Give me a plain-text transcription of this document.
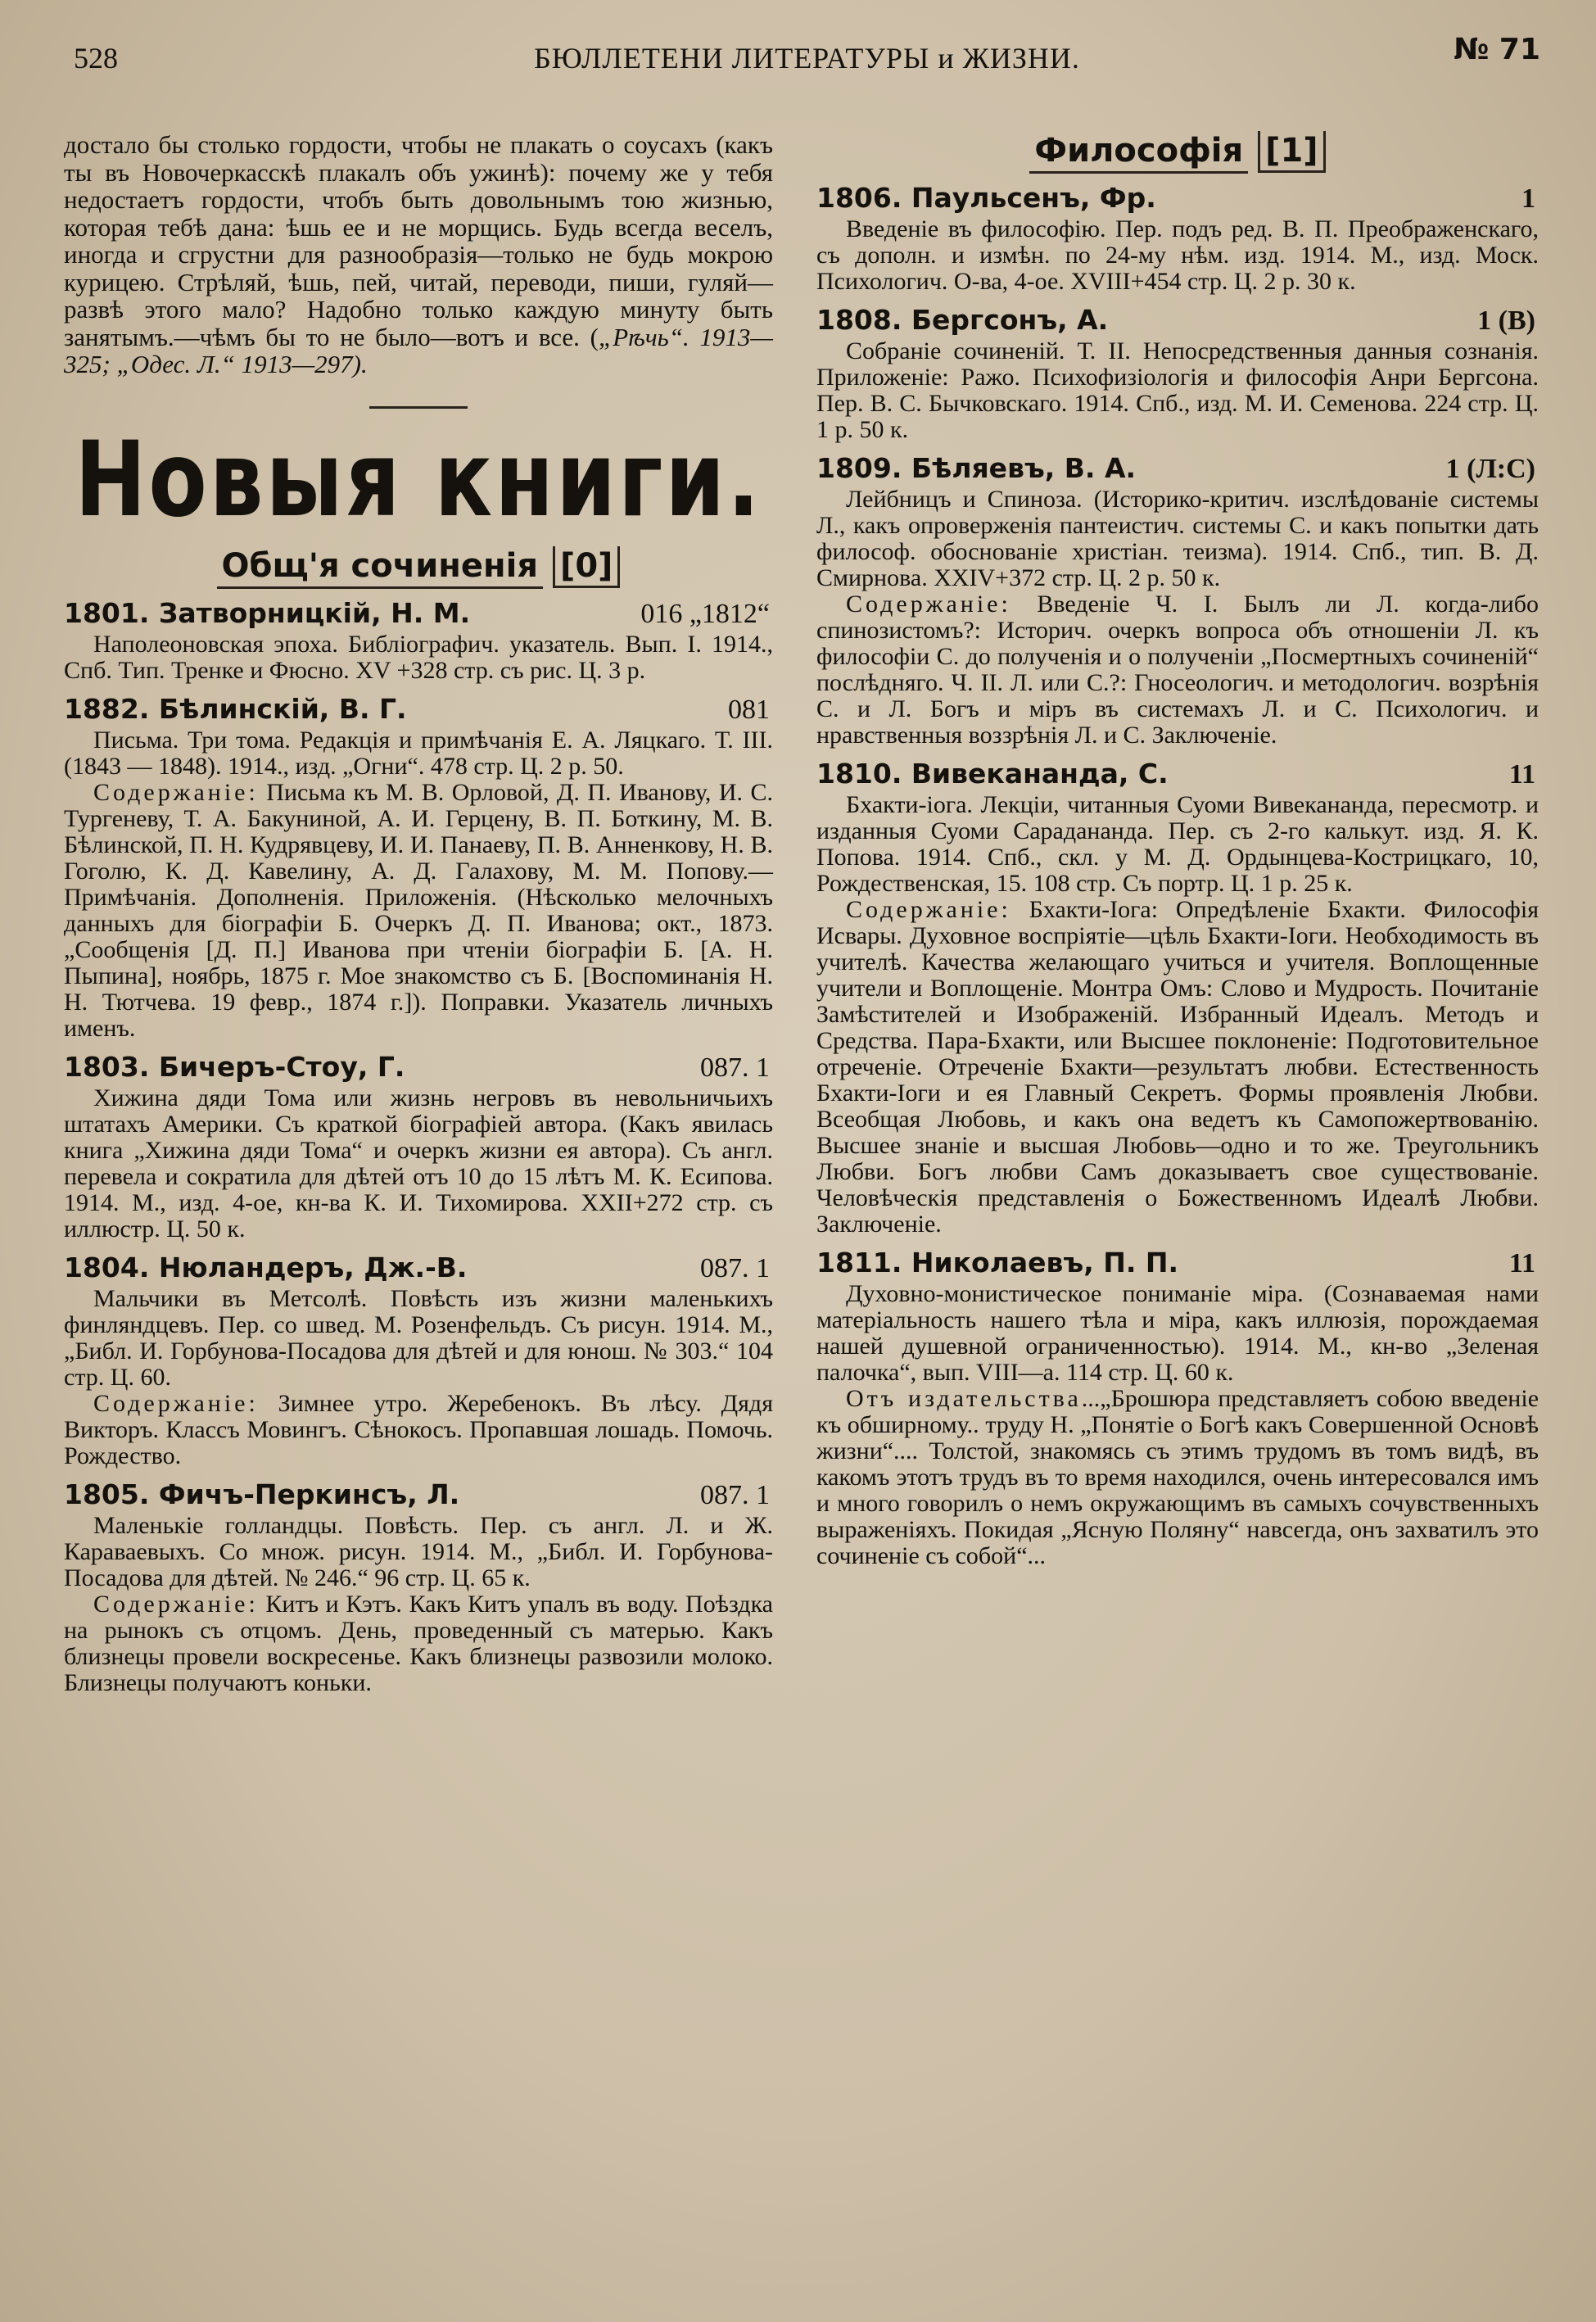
528	БЮЛЛЕТЕНИ ЛИТЕРАТУРЫ и ЖИЗНИ.	№ 71

достало бы столько гордости, чтобы не плакать о соусахъ (какъ ты въ Новочеркасскѣ плакалъ объ ужинѣ): почему же у тебя недостаетъ гордости, чтобъ быть довольнымъ тою жизнью, которая тебѣ дана: ѣшь ее и не морщись. Будь всегда веселъ, иногда и сгрустни для разнообразія—только не будь мокрою курицею. Стрѣляй, ѣшь, пей, читай, переводи, пиши, гуляй—развѣ этого мало? Надобно только каждую минуту быть занятымъ.—чѣмъ бы то не было—вотъ и все. („Рѣчь“. 1913—325; „Одес. Л.“ 1913—297).

Новыя книги.
Общ'я сочиненія [0]
1801. Затворницкій, Н. М.	016 „1812“

Наполеоновская эпоха. Библіографич. указатель. Вып. I. 1914., Спб. Тип. Тренке и Фюсно. XV +328 стр. съ рис. Ц. 3 р.

1882. Бѣлинскій, В. Г.	081

Письма. Три тома. Редакція и примѣчанія Е. А. Ляцкаго. Т. III. (1843 — 1848). 1914., изд. „Огни“. 478 стр. Ц. 2 р. 50.

Содержаніе: Письма къ М. В. Орловой, Д. П. Иванову, И. С. Тургеневу, Т. А. Бакуниной, А. И. Герцену, В. П. Боткину, М. В. Бѣлинской, П. Н. Кудрявцеву, И. И. Панаеву, П. В. Анненкову, Н. В. Гоголю, К. Д. Кавелину, А. Д. Галахову, М. М. Попову.—Примѣчанія. Дополненія. Приложенія. (Нѣсколько мелочныхъ данныхъ для біографіи Б. Очеркъ Д. П. Иванова; окт., 1873. „Сообщенія [Д. П.] Иванова при чтеніи біографіи Б. [А. Н. Пыпина], ноябрь, 1875 г. Мое знакомство съ Б. [Воспоминанія Н. Н. Тютчева. 19 февр., 1874 г.]). Поправки. Указатель личныхъ именъ.

1803. Бичеръ-Стоу, Г.	087. 1

Хижина дяди Тома или жизнь негровъ въ невольничьихъ штатахъ Америки. Съ краткой біографіей автора. (Какъ явилась книга „Хижина дяди Тома“ и очеркъ жизни ея автора). Съ англ. перевела и сократила для дѣтей отъ 10 до 15 лѣтъ М. К. Есипова. 1914. М., изд. 4-ое, кн-ва К. И. Тихомирова. XXII+272 стр. съ иллюстр. Ц. 50 к.

1804. Нюландеръ, Дж.-В.	087. 1

Мальчики въ Метсолѣ. Повѣсть изъ жизни маленькихъ финляндцевъ. Пер. со швед. М. Розенфельдъ. Съ рисун. 1914. М., „Библ. И. Горбунова-Посадова для дѣтей и для юнош. № 303.“ 104 стр. Ц. 60.

Содержаніе: Зимнее утро. Жеребенокъ. Въ лѣсу. Дядя Викторъ. Классъ Мовингъ. Сѣнокосъ. Пропавшая лошадь. Помочь. Рождество.

1805. Фичъ-Перкинсъ, Л.	087. 1

Маленькіе голландцы. Повѣсть. Пер. съ англ. Л. и Ж. Караваевыхъ. Со множ. рисун. 1914. М., „Библ. И. Горбунова-Посадова для дѣтей. № 246.“ 96 стр. Ц. 65 к.

Содержаніе: Китъ и Кэтъ. Какъ Китъ упалъ въ воду. Поѣздка на рынокъ съ отцомъ. День, проведенный съ матерью. Какъ близнецы провели воскресенье. Какъ близнецы развозили молоко. Близнецы получаютъ коньки.

Философія [1]
1806. Паульсенъ, Фр.	1

Введеніе въ философію. Пер. подъ ред. В. П. Преображенскаго, съ дополн. и измѣн. по 24-му нѣм. изд. 1914. М., изд. Моск. Психологич. О-ва, 4-ое. XVIII+454 стр. Ц. 2 р. 30 к.

1808. Бергсонъ, А.	1 (В)

Собраніе сочиненій. Т. II. Непосредственныя данныя сознанія. Приложеніе: Ражо. Психофизіологія и философія Анри Бергсона. Пер. В. С. Бычковскаго. 1914. Спб., изд. М. И. Семенова. 224 стр. Ц. 1 р. 50 к.

1809. Бѣляевъ, В. А.	1 (Л:С)

Лейбницъ и Спиноза. (Историко-критич. изслѣдованіе системы Л., какъ опроверженія пантеистич. системы С. и какъ попытки дать философ. обоснованіе христіан. теизма). 1914. Спб., тип. В. Д. Смирнова. XXIV+372 стр. Ц. 2 р. 50 к.

Содержаніе: Введеніе Ч. I. Былъ ли Л. когда-либо спинозистомъ?: Историч. очеркъ вопроса объ отношеніи Л. къ философіи С. до полученія и о полученіи „Посмертныхъ сочиненій“ послѣдняго. Ч. II. Л. или С.?: Гносеологич. и методологич. возрѣнія С. и Л. Богъ и міръ въ системахъ Л. и С. Психологич. и нравственныя воззрѣнія Л. и С. Заключеніе.

1810. Вивекананда, С.	11

Бхакти-іога. Лекціи, читанныя Суоми Вивекананда, пересмотр. и изданныя Суоми Сарадананда. Пер. съ 2-го калькут. изд. Я. К. Попова. 1914. Спб., скл. у М. Д. Ордынцева-Кострицкаго, 10, Рождественская, 15. 108 стр. Съ портр. Ц. 1 р. 25 к.

Содержаніе: Бхакти-Іога: Опредѣленіе Бхакти. Философія Исвары. Духовное воспріятіе—цѣль Бхакти-Іоги. Необходимость въ учителѣ. Качества желающаго учиться и учителя. Воплощенные учители и Воплощеніе. Монтра Омъ: Слово и Мудрость. Почитаніе Замѣстителей и Изображеній. Избранный Идеалъ. Методъ и Средства. Пара-Бхакти, или Высшее поклоненіе: Подготовительное отреченіе. Отреченіе Бхакти—результатъ любви. Естественность Бхакти-Іоги и ея Главный Секретъ. Формы проявленія Любви. Всеобщая Любовь, и какъ она ведетъ къ Самопожертвованію. Высшее знаніе и высшая Любовь—одно и то же. Треугольникъ Любви. Богъ любви Самъ доказываетъ свое существованіе. Человѣческія представленія о Божественномъ Идеалѣ Любви. Заключеніе.

1811. Николаевъ, П. П.	11

Духовно-монистическое пониманіе міра. (Сознаваемая нами матеріальность нашего тѣла и міра, какъ иллюзія, порождаемая нашей душевной ограниченностью). 1914. М., кн-во „Зеленая палочка“, вып. VIII—а. 114 стр. Ц. 60 к.

Отъ издательства...„Брошюра представляетъ собою введеніе къ обширному.. труду Н. „Понятіе о Богѣ какъ Совершенной Основѣ жизни“.... Толстой, знакомясь съ этимъ трудомъ въ томъ видѣ, въ какомъ этотъ трудъ въ то время находился, очень интересовался имъ и много говорилъ о немъ окружающимъ въ самыхъ сочувственныхъ выраженіяхъ. Покидая „Ясную Поляну“ навсегда, онъ захватилъ это сочиненіе съ собой“...
